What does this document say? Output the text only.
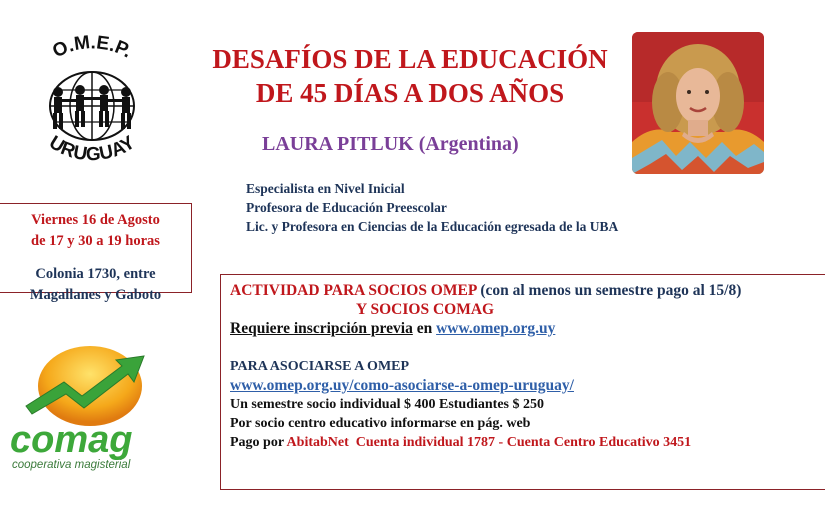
O.M.E.P.
URUGUAY
DESAFÍOS DE LA EDUCACIÓN
DE 45 DÍAS A DOS AÑOS
LAURA PITLUK (Argentina)
Especialista en Nivel Inicial
Profesora de Educación Preescolar
Lic. y Profesora en Ciencias de la Educación egresada de la UBA
Viernes 16 de Agosto
de 17 y 30 a 19 horas
Colonia 1730, entre
Magallanes y Gaboto	ACTIVIDAD PARA SOCIOS OMEP (con al menos un semestre pago al 15/8)
Y SOCIOS COMAG
Requiere inscripción previa en www.omep.org.uy
PARA ASOCIARSE A OMEP
www.omep.org.uy/como-asociarse-a-omep-uruguay/
Un semestre socio individual $ 400 Estudiantes $ 250
Por socio centro educativo informarse en pág. web
Pago por AbitabNet Cuenta individual 1787 - Cuenta Centro Educativo 3451
comag
cooperativa magisterial
